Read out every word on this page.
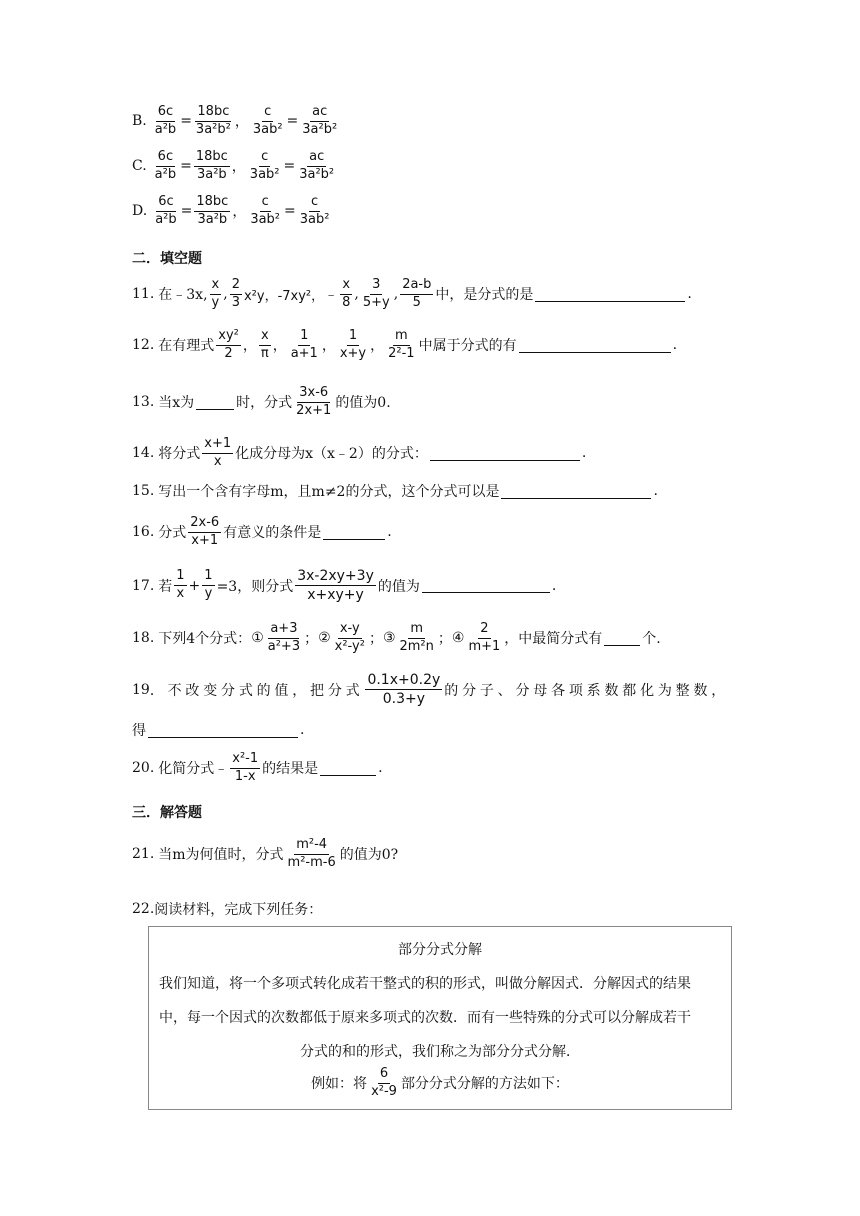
B. $\frac{6c}{\text{a²b}} = \frac{18bc}{\text{3a²b²}}$ ， $\frac{c}{\text{3ab²}} = \frac{ac}{\text{3a²b²}}$
C. $\frac{6c}{\text{a²b}} = \frac{18bc}{\text{3a²b}}$ ， $\frac{c}{\text{3ab²}} = \frac{ac}{\text{3a²b²}}$
D. $\frac{6c}{\text{a²b}} = \frac{18bc}{\text{3a²b}}$ ， $\frac{c}{\text{3ab²}} = \frac{c}{\text{3ab²}}$
二．填空题
11. 在﹣3x, $\frac{x}{y}$ , $\frac{2}{3} x^2y$，-7xy²， ﹣ $\frac{x}{8}$ , $\frac{3}{5+y}$ , $\frac{2a-b}{5}$ 中，是分式的是	.
12. 在有理式 $\frac{\text{xy²}}{2}$ ， $\frac{x}{\pi}$ ， $\frac{1}{a+1}$ ， $\frac{1}{x+y}$ ， $\frac{m}{\text{2²-1}}$ 中属于分式的有	.
13. 当x为	时，分式 $\frac{3x-6}{2x+1}$ 的值为0.
14. 将分式 $\frac{x+1}{x}$ 化成分母为x（x﹣2）的分式：	.
15. 写出一个含有字母m，且m≠2的分式，这个分式可以是	.
16. 分式 $\frac{2x-6}{x+1}$ 有意义的条件是	.
17. 若 $\frac{1}{x} + \frac{1}{y} =3$，则分式 $\frac{3x-2xy+3y}{x+xy+y}$ 的值为	.
18. 下列4个分式： ① $\frac{a+3}{\text{a²+3}}$ ； ② $\frac{x-y}{\text{x²-y²}}$ ； ③ $\frac{m}{\text{2m²n}}$ ； ④ $\frac{2}{m+1}$ ，中最简分式有	个.
19 ．不改变分式的值，把分式 $\frac{0.1x+0.2y}{0.3+y}$ 的分子、分母各项系数都化为整数，
得	.
20. 化简分式﹣ $\frac{\text{x²-1}}{1-x}$ 的结果是	.
三．解答题
21. 当m为何值时，分式 $\frac{\text{m²-4}}{\text{m²-m-6}}$ 的值为0?
22. 阅读材料，完成下列任务：
部分分式分解
我们知道，将一个多项式转化成若干整式的积的形式，叫做分解因式．分解因式的结果
中，每一个因式的次数都低于原来多项式的次数．而有一些特殊的分式可以分解成若干
分式的和的形式，我们称之为部分分式分解．
例如：将 $\frac{6}{\text{x²-9}}$ 部分分式分解的方法如下：
